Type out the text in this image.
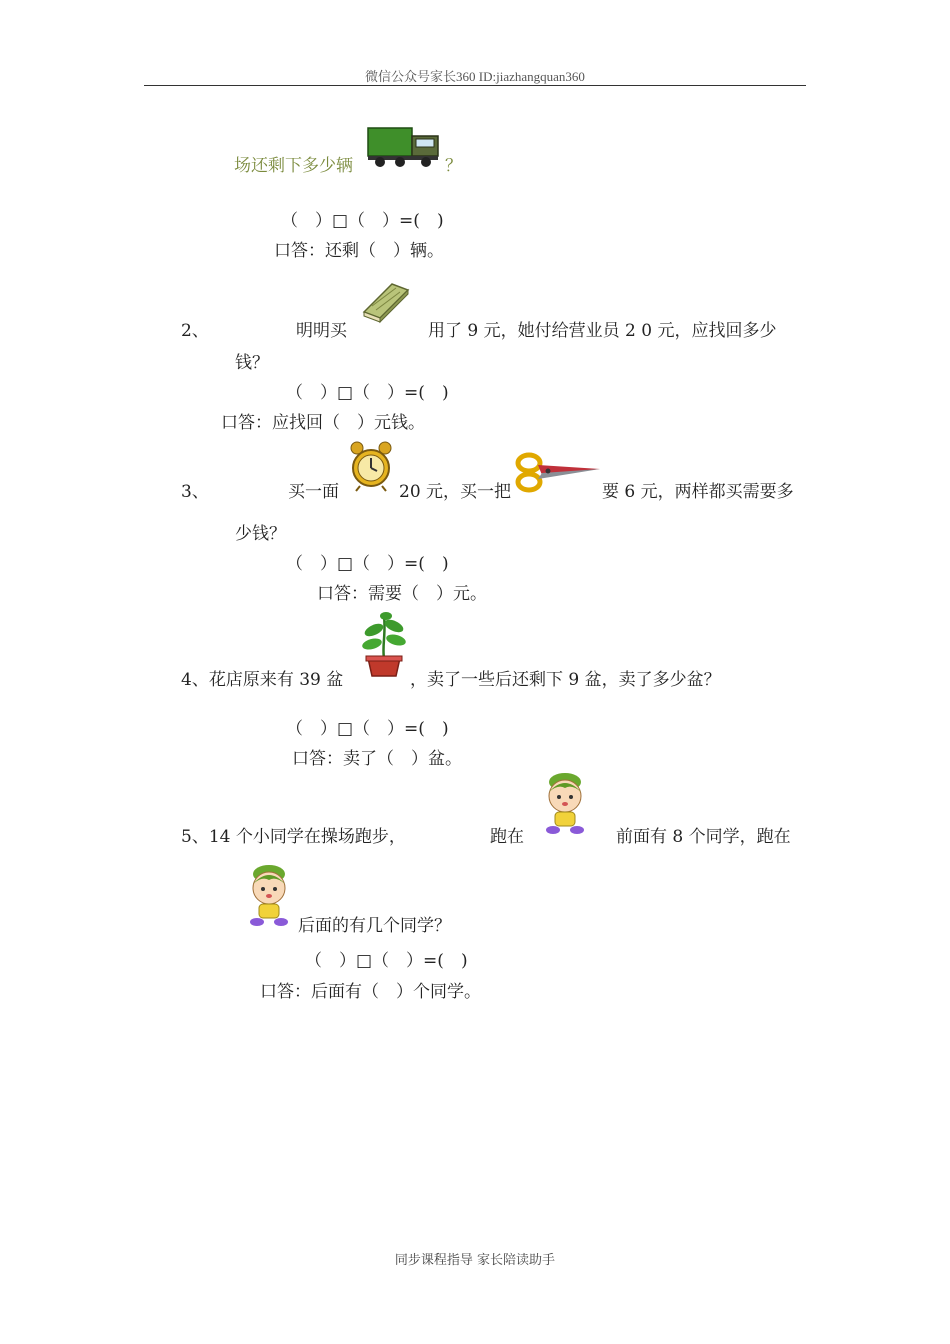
微信公众号家长360 ID:jiazhangquan360
场还剩下多少辆	？
（　）□（　）=(　)
口答：还剩（　）辆。
2、	明明买	用了 9 元，她付给营业员 2 0 元，应找回多少
钱？
（　）□（　）=(　)
口答：应找回（　）元钱。
3、	买一面	20 元，买一把	要 6 元，两样都买需要多
少钱？
（　）□（　）=(　)
口答：需要（　）元。
4、花店原来有 39 盆	，卖了一些后还剩下 9 盆，卖了多少盆？
（　）□（　）=(　)
口答：卖了（　）盆。
5、14 个小同学在操场跑步，	跑在	前面有 8 个同学，跑在
后面的有几个同学？
（　）□（　）=(　)
口答：后面有（　）个同学。
同步课程指导 家长陪读助手
